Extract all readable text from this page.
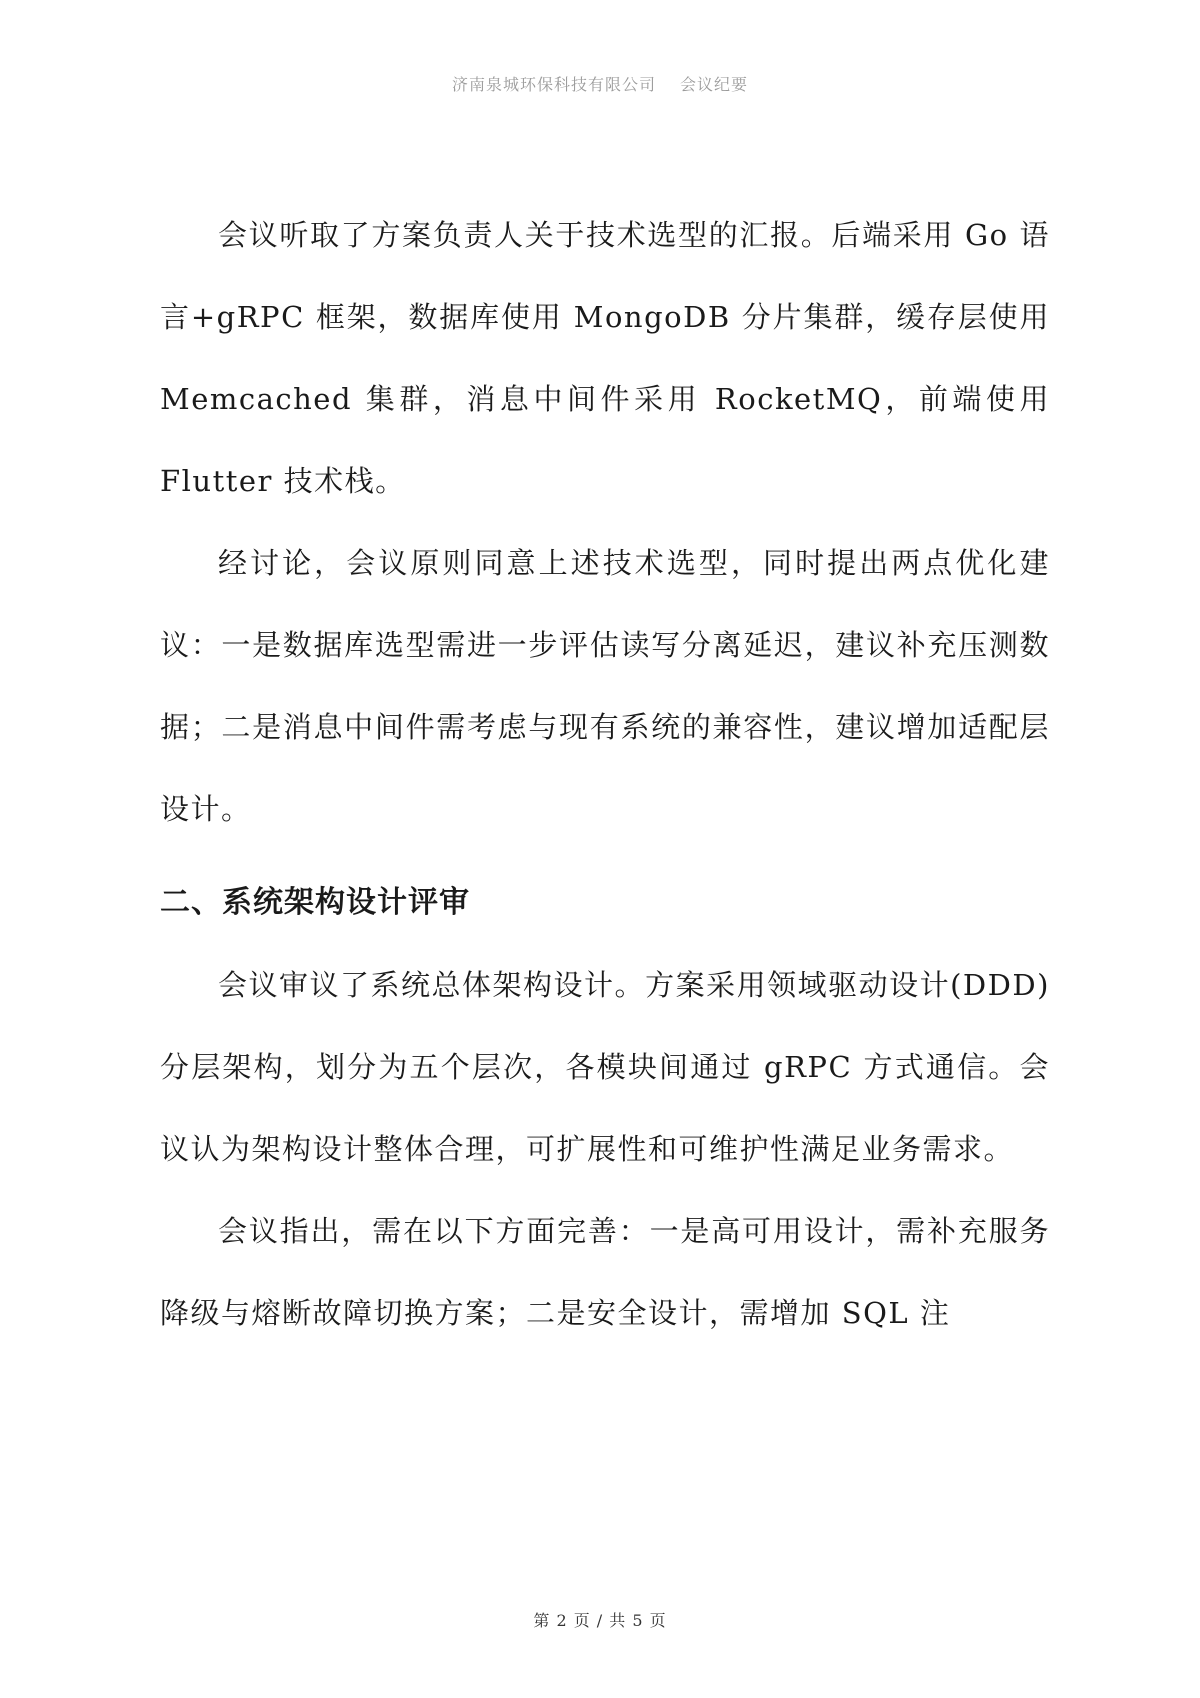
济南泉城环保科技有限公司 会议纪要

会议听取了方案负责人关于技术选型的汇报。后端采用 Go 语言+gRPC 框架，数据库使用 MongoDB 分片集群，缓存层使用 Memcached 集群，消息中间件采用 RocketMQ，前端使用 Flutter 技术栈。

经讨论，会议原则同意上述技术选型，同时提出两点优化建议：一是数据库选型需进一步评估读写分离延迟，建议补充压测数据；二是消息中间件需考虑与现有系统的兼容性，建议增加适配层设计。

二、系统架构设计评审

会议审议了系统总体架构设计。方案采用领域驱动设计(DDD)分层架构，划分为五个层次，各模块间通过 gRPC 方式通信。会议认为架构设计整体合理，可扩展性和可维护性满足业务需求。

会议指出，需在以下方面完善：一是高可用设计，需补充服务降级与熔断故障切换方案；二是安全设计，需增加 SQL 注

第 2 页 / 共 5 页
